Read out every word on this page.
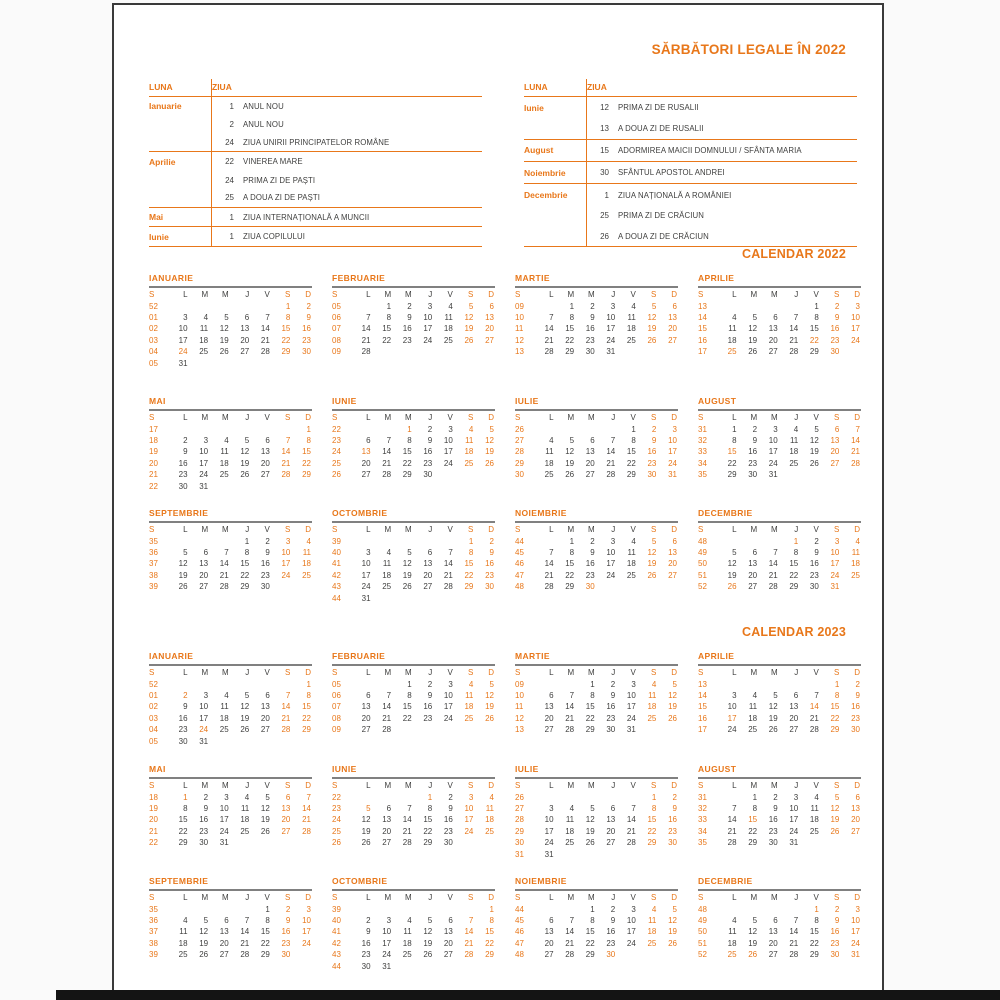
SĂRBĂTORI LEGALE ÎN 2022
LUNA	ZIUA	
Ianuarie	1	ANUL NOU
	2	ANUL NOU
	24	ZIUA UNIRII PRINCIPATELOR ROMÂNE
Aprilie	22	VINEREA MARE
	24	PRIMA ZI DE PAȘTI
	25	A DOUA ZI DE PAȘTI
Mai	1	ZIUA INTERNAȚIONALĂ A MUNCII
Iunie	1	ZIUA COPILULUI
LUNA	ZIUA	
Iunie	12	PRIMA ZI DE RUSALII
	13	A DOUA ZI DE RUSALII
August	15	ADORMIREA MAICII DOMNULUI / SFÂNTA MARIA
Noiembrie	30	SFÂNTUL APOSTOL ANDREI
Decembrie	1	ZIUA NAȚIONALĂ A ROMÂNIEI
	25	PRIMA ZI DE CRĂCIUN
	26	A DOUA ZI DE CRĂCIUN
CALENDAR 2022
IANUARIE
S	L	M	M	J	V	S	D
52						1	2
01	3	4	5	6	7	8	9
02	10	11	12	13	14	15	16
03	17	18	19	20	21	22	23
04	24	25	26	27	28	29	30
05	31						
FEBRUARIE
S	L	M	M	J	V	S	D
05		1	2	3	4	5	6
06	7	8	9	10	11	12	13
07	14	15	16	17	18	19	20
08	21	22	23	24	25	26	27
09	28						
MARTIE
S	L	M	M	J	V	S	D
09		1	2	3	4	5	6
10	7	8	9	10	11	12	13
11	14	15	16	17	18	19	20
12	21	22	23	24	25	26	27
13	28	29	30	31			
APRILIE
S	L	M	M	J	V	S	D
13					1	2	3
14	4	5	6	7	8	9	10
15	11	12	13	14	15	16	17
16	18	19	20	21	22	23	24
17	25	26	27	28	29	30	
MAI
S	L	M	M	J	V	S	D
17							1
18	2	3	4	5	6	7	8
19	9	10	11	12	13	14	15
20	16	17	18	19	20	21	22
21	23	24	25	26	27	28	29
22	30	31					
IUNIE
S	L	M	M	J	V	S	D
22			1	2	3	4	5
23	6	7	8	9	10	11	12
24	13	14	15	16	17	18	19
25	20	21	22	23	24	25	26
26	27	28	29	30			
IULIE
S	L	M	M	J	V	S	D
26					1	2	3
27	4	5	6	7	8	9	10
28	11	12	13	14	15	16	17
29	18	19	20	21	22	23	24
30	25	26	27	28	29	30	31
AUGUST
S	L	M	M	J	V	S	D
31	1	2	3	4	5	6	7
32	8	9	10	11	12	13	14
33	15	16	17	18	19	20	21
34	22	23	24	25	26	27	28
35	29	30	31				
SEPTEMBRIE
S	L	M	M	J	V	S	D
35				1	2	3	4
36	5	6	7	8	9	10	11
37	12	13	14	15	16	17	18
38	19	20	21	22	23	24	25
39	26	27	28	29	30		
OCTOMBRIE
S	L	M	M	J	V	S	D
39						1	2
40	3	4	5	6	7	8	9
41	10	11	12	13	14	15	16
42	17	18	19	20	21	22	23
43	24	25	26	27	28	29	30
44	31						
NOIEMBRIE
S	L	M	M	J	V	S	D
44		1	2	3	4	5	6
45	7	8	9	10	11	12	13
46	14	15	16	17	18	19	20
47	21	22	23	24	25	26	27
48	28	29	30				
DECEMBRIE
S	L	M	M	J	V	S	D
48				1	2	3	4
49	5	6	7	8	9	10	11
50	12	13	14	15	16	17	18
51	19	20	21	22	23	24	25
52	26	27	28	29	30	31	
CALENDAR 2023
IANUARIE
S	L	M	M	J	V	S	D
52							1
01	2	3	4	5	6	7	8
02	9	10	11	12	13	14	15
03	16	17	18	19	20	21	22
04	23	24	25	26	27	28	29
05	30	31					
FEBRUARIE
S	L	M	M	J	V	S	D
05			1	2	3	4	5
06	6	7	8	9	10	11	12
07	13	14	15	16	17	18	19
08	20	21	22	23	24	25	26
09	27	28					
MARTIE
S	L	M	M	J	V	S	D
09			1	2	3	4	5
10	6	7	8	9	10	11	12
11	13	14	15	16	17	18	19
12	20	21	22	23	24	25	26
13	27	28	29	30	31		
APRILIE
S	L	M	M	J	V	S	D
13						1	2
14	3	4	5	6	7	8	9
15	10	11	12	13	14	15	16
16	17	18	19	20	21	22	23
17	24	25	26	27	28	29	30
MAI
S	L	M	M	J	V	S	D
18	1	2	3	4	5	6	7
19	8	9	10	11	12	13	14
20	15	16	17	18	19	20	21
21	22	23	24	25	26	27	28
22	29	30	31				
IUNIE
S	L	M	M	J	V	S	D
22				1	2	3	4
23	5	6	7	8	9	10	11
24	12	13	14	15	16	17	18
25	19	20	21	22	23	24	25
26	26	27	28	29	30		
IULIE
S	L	M	M	J	V	S	D
26						1	2
27	3	4	5	6	7	8	9
28	10	11	12	13	14	15	16
29	17	18	19	20	21	22	23
30	24	25	26	27	28	29	30
31	31						
AUGUST
S	L	M	M	J	V	S	D
31		1	2	3	4	5	6
32	7	8	9	10	11	12	13
33	14	15	16	17	18	19	20
34	21	22	23	24	25	26	27
35	28	29	30	31			
SEPTEMBRIE
S	L	M	M	J	V	S	D
35					1	2	3
36	4	5	6	7	8	9	10
37	11	12	13	14	15	16	17
38	18	19	20	21	22	23	24
39	25	26	27	28	29	30	
OCTOMBRIE
S	L	M	M	J	V	S	D
39							1
40	2	3	4	5	6	7	8
41	9	10	11	12	13	14	15
42	16	17	18	19	20	21	22
43	23	24	25	26	27	28	29
44	30	31					
NOIEMBRIE
S	L	M	M	J	V	S	D
44			1	2	3	4	5
45	6	7	8	9	10	11	12
46	13	14	15	16	17	18	19
47	20	21	22	23	24	25	26
48	27	28	29	30			
DECEMBRIE
S	L	M	M	J	V	S	D
48					1	2	3
49	4	5	6	7	8	9	10
50	11	12	13	14	15	16	17
51	18	19	20	21	22	23	24
52	25	26	27	28	29	30	31
